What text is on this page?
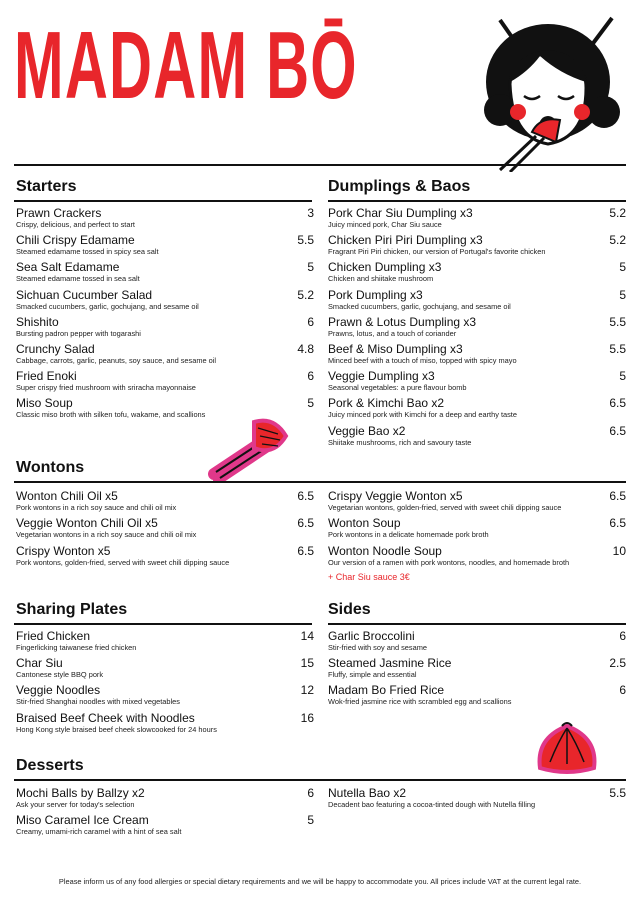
MADAM BŌ
Starters
Prawn Crackers	3
Crispy, delicious, and perfect to start
Chili Crispy Edamame	5.5
Steamed edamame tossed in spicy sea salt
Sea Salt Edamame	5
Steamed edamame tossed in sea salt
Sichuan Cucumber Salad	5.2
Smacked cucumbers, garlic, gochujang, and sesame oil
Shishito	6
Bursting padron pepper with togarashi
Crunchy Salad	4.8
Cabbage, carrots, garlic, peanuts, soy sauce, and sesame oil
Fried Enoki	6
Super crispy fried mushroom with sriracha mayonnaise
Miso Soup	5
Classic miso broth with silken tofu, wakame, and scallions
Dumplings & Baos
Pork Char Siu Dumpling x3	5.2
Juicy minced pork, Char Siu sauce
Chicken Piri Piri Dumpling x3	5.2
Fragrant Piri Piri chicken, our version of Portugal's favorite chicken
Chicken Dumpling x3	5
Chicken and shiitake mushroom
Pork Dumpling x3	5
Smacked cucumbers, garlic, gochujang, and sesame oil
Prawn & Lotus Dumpling x3	5.5
Prawns, lotus, and a touch of coriander
Beef & Miso Dumpling x3	5.5
Minced beef with a touch of miso, topped with spicy mayo
Veggie Dumpling x3	5
Seasonal vegetables: a pure flavour bomb
Pork & Kimchi Bao x2	6.5
Juicy minced pork with Kimchi for a deep and earthy taste
Veggie Bao x2	6.5
Shiitake mushrooms, rich and savoury taste
Wontons
Wonton Chili Oil x5	6.5
Pork wontons in a rich soy sauce and chili oil mix
Veggie Wonton Chili Oil x5	6.5
Vegetarian wontons in a rich soy sauce and chili oil mix
Crispy Wonton x5	6.5
Pork wontons, golden-fried, served with sweet chili dipping sauce
Crispy Veggie Wonton x5	6.5
Vegetarian wontons, golden-fried, served with sweet chili dipping sauce
Wonton Soup	6.5
Pork wontons in a delicate homemade pork broth
Wonton Noodle Soup	10
Our version of a ramen with pork wontons, noodles, and homemade broth
+ Char Siu sauce 3€
Sharing Plates
Fried Chicken	14
Fingerlicking taiwanese fried chicken
Char Siu	15
Cantonese style BBQ pork
Veggie Noodles	12
Stir-fried Shanghai noodles with mixed vegetables
Braised Beef Cheek with Noodles	16
Hong Kong style braised beef cheek slowcooked for 24 hours
Sides
Garlic Broccolini	6
Stir-fried with soy and sesame
Steamed Jasmine Rice	2.5
Fluffy, simple and essential
Madam Bo Fried Rice	6
Wok-fried jasmine rice with scrambled egg and scallions
Desserts
Mochi Balls by Ballzy x2	6
Ask your server for today's selection
Miso Caramel Ice Cream	5
Creamy, umami-rich caramel with a hint of sea salt
Nutella Bao x2	5.5
Decadent bao featuring a cocoa-tinted dough with Nutella filling
Please inform us of any food allergies or special dietary requirements and we will be happy to accommodate you. All prices include VAT at the current legal rate.
